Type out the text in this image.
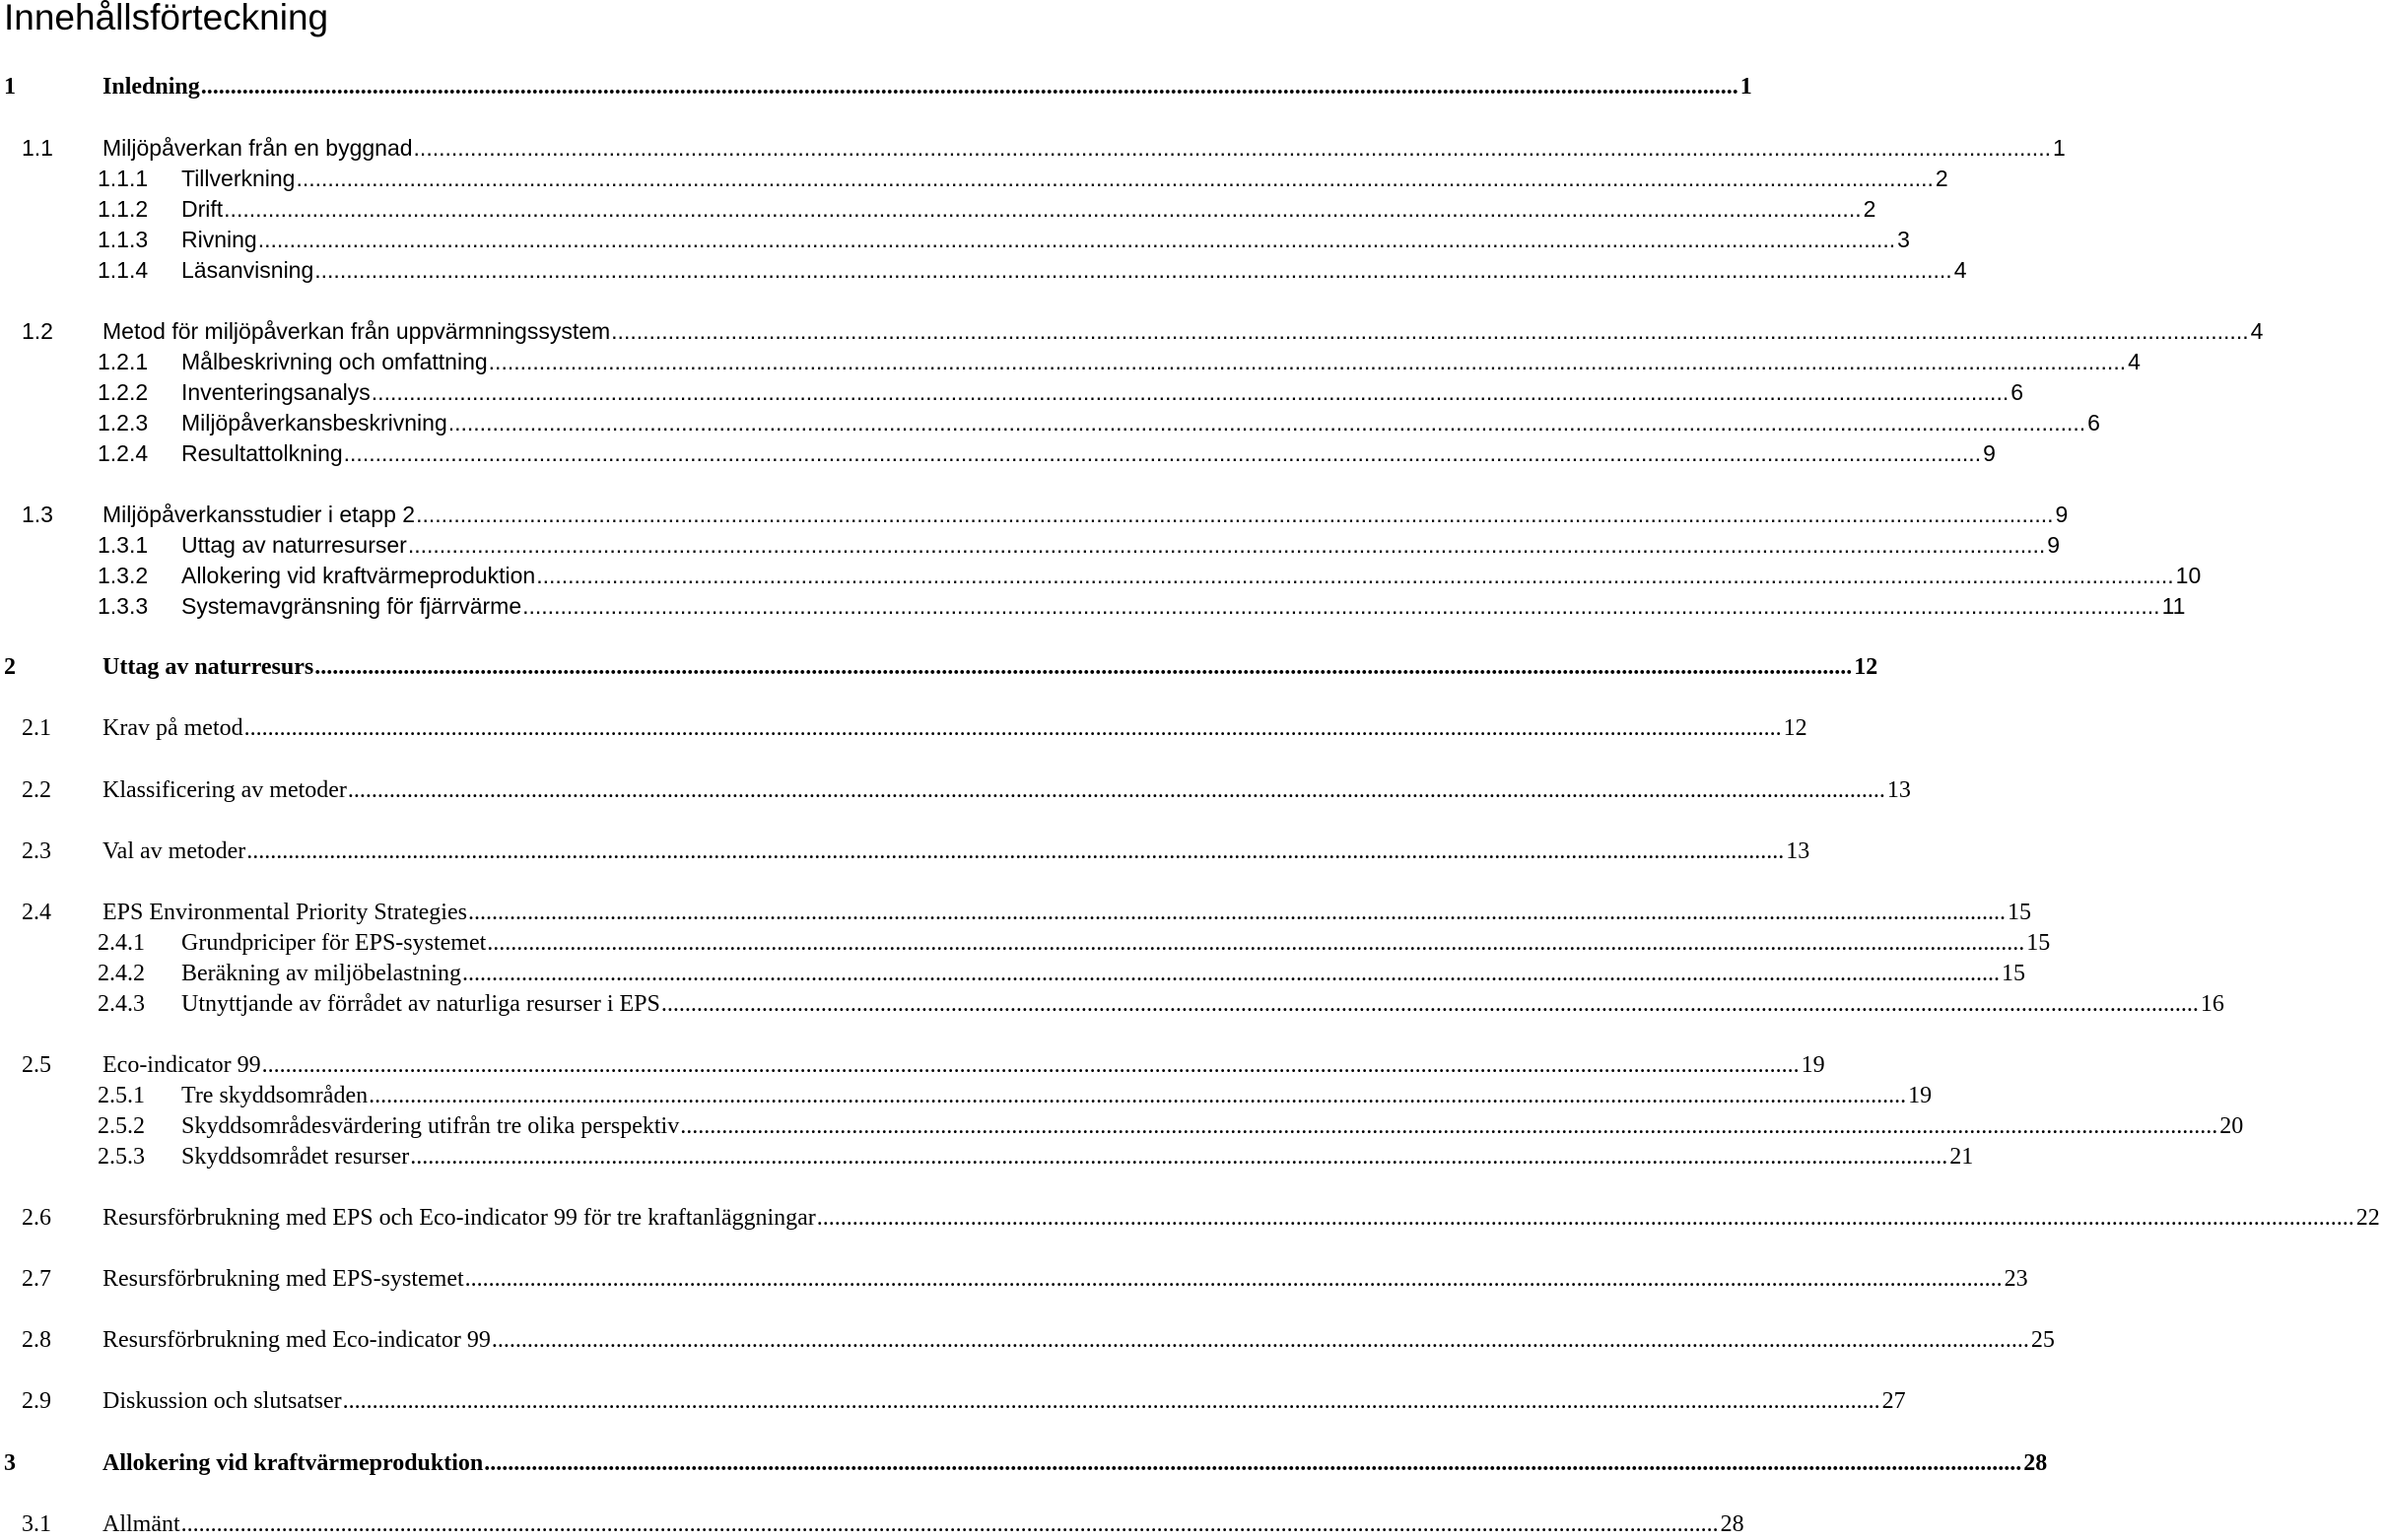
Innehållsförteckning
1	Inledning .................................................................................................................................................................................................................................................................... 1
1.1 Miljöpåverkan från en byggnad .................................................................................................................................................................................................................................................................... 1
1.1.1 Tillverkning .................................................................................................................................................................................................................................................................... 2
1.1.2 Drift .................................................................................................................................................................................................................................................................... 2
1.1.3 Rivning .................................................................................................................................................................................................................................................................... 3
1.1.4 Läsanvisning .................................................................................................................................................................................................................................................................... 4
1.2 Metod för miljöpåverkan från uppvärmningssystem .................................................................................................................................................................................................................................................................... 4
1.2.1 Målbeskrivning och omfattning .................................................................................................................................................................................................................................................................... 4
1.2.2 Inventeringsanalys .................................................................................................................................................................................................................................................................... 6
1.2.3 Miljöpåverkansbeskrivning .................................................................................................................................................................................................................................................................... 6
1.2.4 Resultattolkning .................................................................................................................................................................................................................................................................... 9
1.3 Miljöpåverkansstudier i etapp 2 .................................................................................................................................................................................................................................................................... 9
1.3.1 Uttag av naturresurser .................................................................................................................................................................................................................................................................... 9
1.3.2 Allokering vid kraftvärmeproduktion .................................................................................................................................................................................................................................................................... 10
1.3.3 Systemavgränsning för fjärrvärme .................................................................................................................................................................................................................................................................... 11
2	Uttag av naturresurs .................................................................................................................................................................................................................................................................... 12
2.1 Krav på metod .................................................................................................................................................................................................................................................................... 12
2.2 Klassificering av metoder .................................................................................................................................................................................................................................................................... 13
2.3 Val av metoder .................................................................................................................................................................................................................................................................... 13
2.4 EPS Environmental Priority Strategies .................................................................................................................................................................................................................................................................... 15
2.4.1 Grundpriciper för EPS-systemet .................................................................................................................................................................................................................................................................... 15
2.4.2 Beräkning av miljöbelastning .................................................................................................................................................................................................................................................................... 15
2.4.3 Utnyttjande av förrådet av naturliga resurser i EPS .................................................................................................................................................................................................................................................................... 16
2.5 Eco-indicator 99 .................................................................................................................................................................................................................................................................... 19
2.5.1 Tre skyddsområden .................................................................................................................................................................................................................................................................... 19
2.5.2 Skyddsområdesvärdering utifrån tre olika perspektiv .................................................................................................................................................................................................................................................................... 20
2.5.3 Skyddsområdet resurser .................................................................................................................................................................................................................................................................... 21
2.6 Resursförbrukning med EPS och Eco-indicator 99 för tre kraftanläggningar .................................................................................................................................................................................................................................................................... 22
2.7 Resursförbrukning med EPS-systemet .................................................................................................................................................................................................................................................................... 23
2.8 Resursförbrukning med Eco-indicator 99 .................................................................................................................................................................................................................................................................... 25
2.9 Diskussion och slutsatser .................................................................................................................................................................................................................................................................... 27
3	Allokering vid kraftvärmeproduktion .................................................................................................................................................................................................................................................................... 28
3.1 Allmänt .................................................................................................................................................................................................................................................................... 28
